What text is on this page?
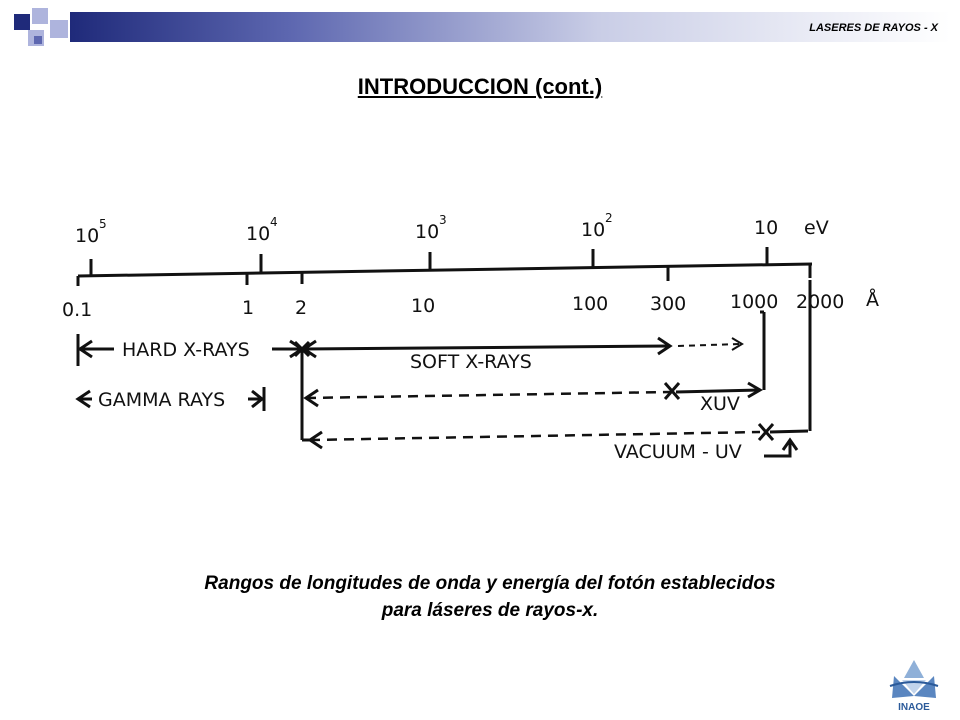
LASERES DE RAYOS - X
INTRODUCCION (cont.)
10
5	10
4	10
3	10
2	10 eV
0.1	1 2	10	100 300 1000 2000 Å
HARD X-RAYS
SOFT X-RAYS
GAMMA RAYS	XUV
VACUUM - UV
Rangos de longitudes de onda y energía del fotón establecidos
para láseres de rayos-x.
INAOE
